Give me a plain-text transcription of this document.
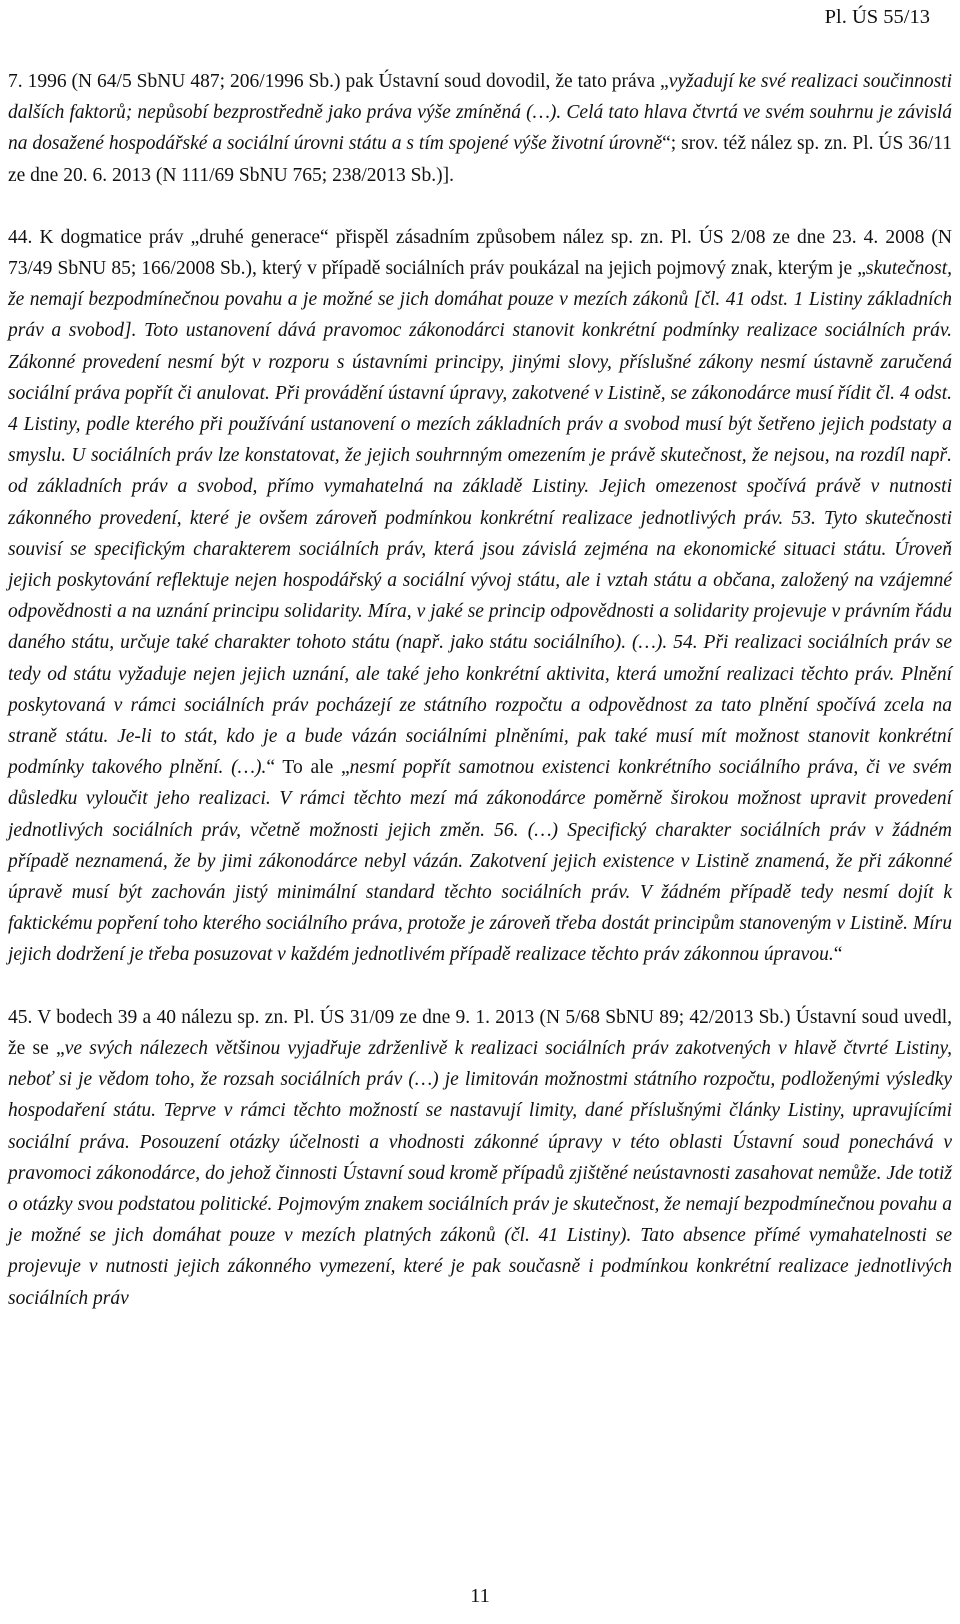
Pl. ÚS 55/13

7. 1996 (N 64/5 SbNU 487; 206/1996 Sb.) pak Ústavní soud dovodil, že tato práva „vyžadují ke své realizaci součinnosti dalších faktorů; nepůsobí bezprostředně jako práva výše zmíněná (…). Celá tato hlava čtvrtá ve svém souhrnu je závislá na dosažené hospodářské a sociální úrovni státu a s tím spojené výše životní úrovně“; srov. též nález sp. zn. Pl. ÚS 36/11 ze dne 20. 6. 2013 (N 111/69 SbNU 765; 238/2013 Sb.)].

44. K dogmatice práv „druhé generace“ přispěl zásadním způsobem nález sp. zn. Pl. ÚS 2/08 ze dne 23. 4. 2008 (N 73/49 SbNU 85; 166/2008 Sb.), který v případě sociálních práv poukázal na jejich pojmový znak, kterým je „skutečnost, že nemají bezpodmínečnou povahu a je možné se jich domáhat pouze v mezích zákonů [čl. 41 odst. 1 Listiny základních práv a svobod]. Toto ustanovení dává pravomoc zákonodárci stanovit konkrétní podmínky realizace sociálních práv. Zákonné provedení nesmí být v rozporu s ústavními principy, jinými slovy, příslušné zákony nesmí ústavně zaručená sociální práva popřít či anulovat. Při provádění ústavní úpravy, zakotvené v Listině, se zákonodárce musí řídit čl. 4 odst. 4 Listiny, podle kterého při používání ustanovení o mezích základních práv a svobod musí být šetřeno jejich podstaty a smyslu. U sociálních práv lze konstatovat, že jejich souhrnným omezením je právě skutečnost, že nejsou, na rozdíl např. od základních práv a svobod, přímo vymahatelná na základě Listiny. Jejich omezenost spočívá právě v nutnosti zákonného provedení, které je ovšem zároveň podmínkou konkrétní realizace jednotlivých práv. 53. Tyto skutečnosti souvisí se specifickým charakterem sociálních práv, která jsou závislá zejména na ekonomické situaci státu. Úroveň jejich poskytování reflektuje nejen hospodářský a sociální vývoj státu, ale i vztah státu a občana, založený na vzájemné odpovědnosti a na uznání principu solidarity. Míra, v jaké se princip odpovědnosti a solidarity projevuje v právním řádu daného státu, určuje také charakter tohoto státu (např. jako státu sociálního). (…). 54. Při realizaci sociálních práv se tedy od státu vyžaduje nejen jejich uznání, ale také jeho konkrétní aktivita, která umožní realizaci těchto práv. Plnění poskytovaná v rámci sociálních práv pocházejí ze státního rozpočtu a odpovědnost za tato plnění spočívá zcela na straně státu. Je-li to stát, kdo je a bude vázán sociálními plněními, pak také musí mít možnost stanovit konkrétní podmínky takového plnění. (…).“ To ale „nesmí popřít samotnou existenci konkrétního sociálního práva, či ve svém důsledku vyloučit jeho realizaci. V rámci těchto mezí má zákonodárce poměrně širokou možnost upravit provedení jednotlivých sociálních práv, včetně možnosti jejich změn. 56. (…) Specifický charakter sociálních práv v žádném případě neznamená, že by jimi zákonodárce nebyl vázán. Zakotvení jejich existence v Listině znamená, že při zákonné úpravě musí být zachován jistý minimální standard těchto sociálních práv. V žádném případě tedy nesmí dojít k faktickému popření toho kterého sociálního práva, protože je zároveň třeba dostát principům stanoveným v Listině. Míru jejich dodržení je třeba posuzovat v každém jednotlivém případě realizace těchto práv zákonnou úpravou.“

45. V bodech 39 a 40 nálezu sp. zn. Pl. ÚS 31/09 ze dne 9. 1. 2013 (N 5/68 SbNU 89; 42/2013 Sb.) Ústavní soud uvedl, že se „ve svých nálezech většinou vyjadřuje zdrženlivě k realizaci sociálních práv zakotvených v hlavě čtvrté Listiny, neboť si je vědom toho, že rozsah sociálních práv (…) je limitován možnostmi státního rozpočtu, podloženými výsledky hospodaření státu. Teprve v rámci těchto možností se nastavují limity, dané příslušnými články Listiny, upravujícími sociální práva. Posouzení otázky účelnosti a vhodnosti zákonné úpravy v této oblasti Ústavní soud ponechává v pravomoci zákonodárce, do jehož činnosti Ústavní soud kromě případů zjištěné neústavnosti zasahovat nemůže. Jde totiž o otázky svou podstatou politické. Pojmovým znakem sociálních práv je skutečnost, že nemají bezpodmínečnou povahu a je možné se jich domáhat pouze v mezích platných zákonů (čl. 41 Listiny). Tato absence přímé vymahatelnosti se projevuje v nutnosti jejich zákonného vymezení, které je pak současně i podmínkou konkrétní realizace jednotlivých sociálních práv

11
